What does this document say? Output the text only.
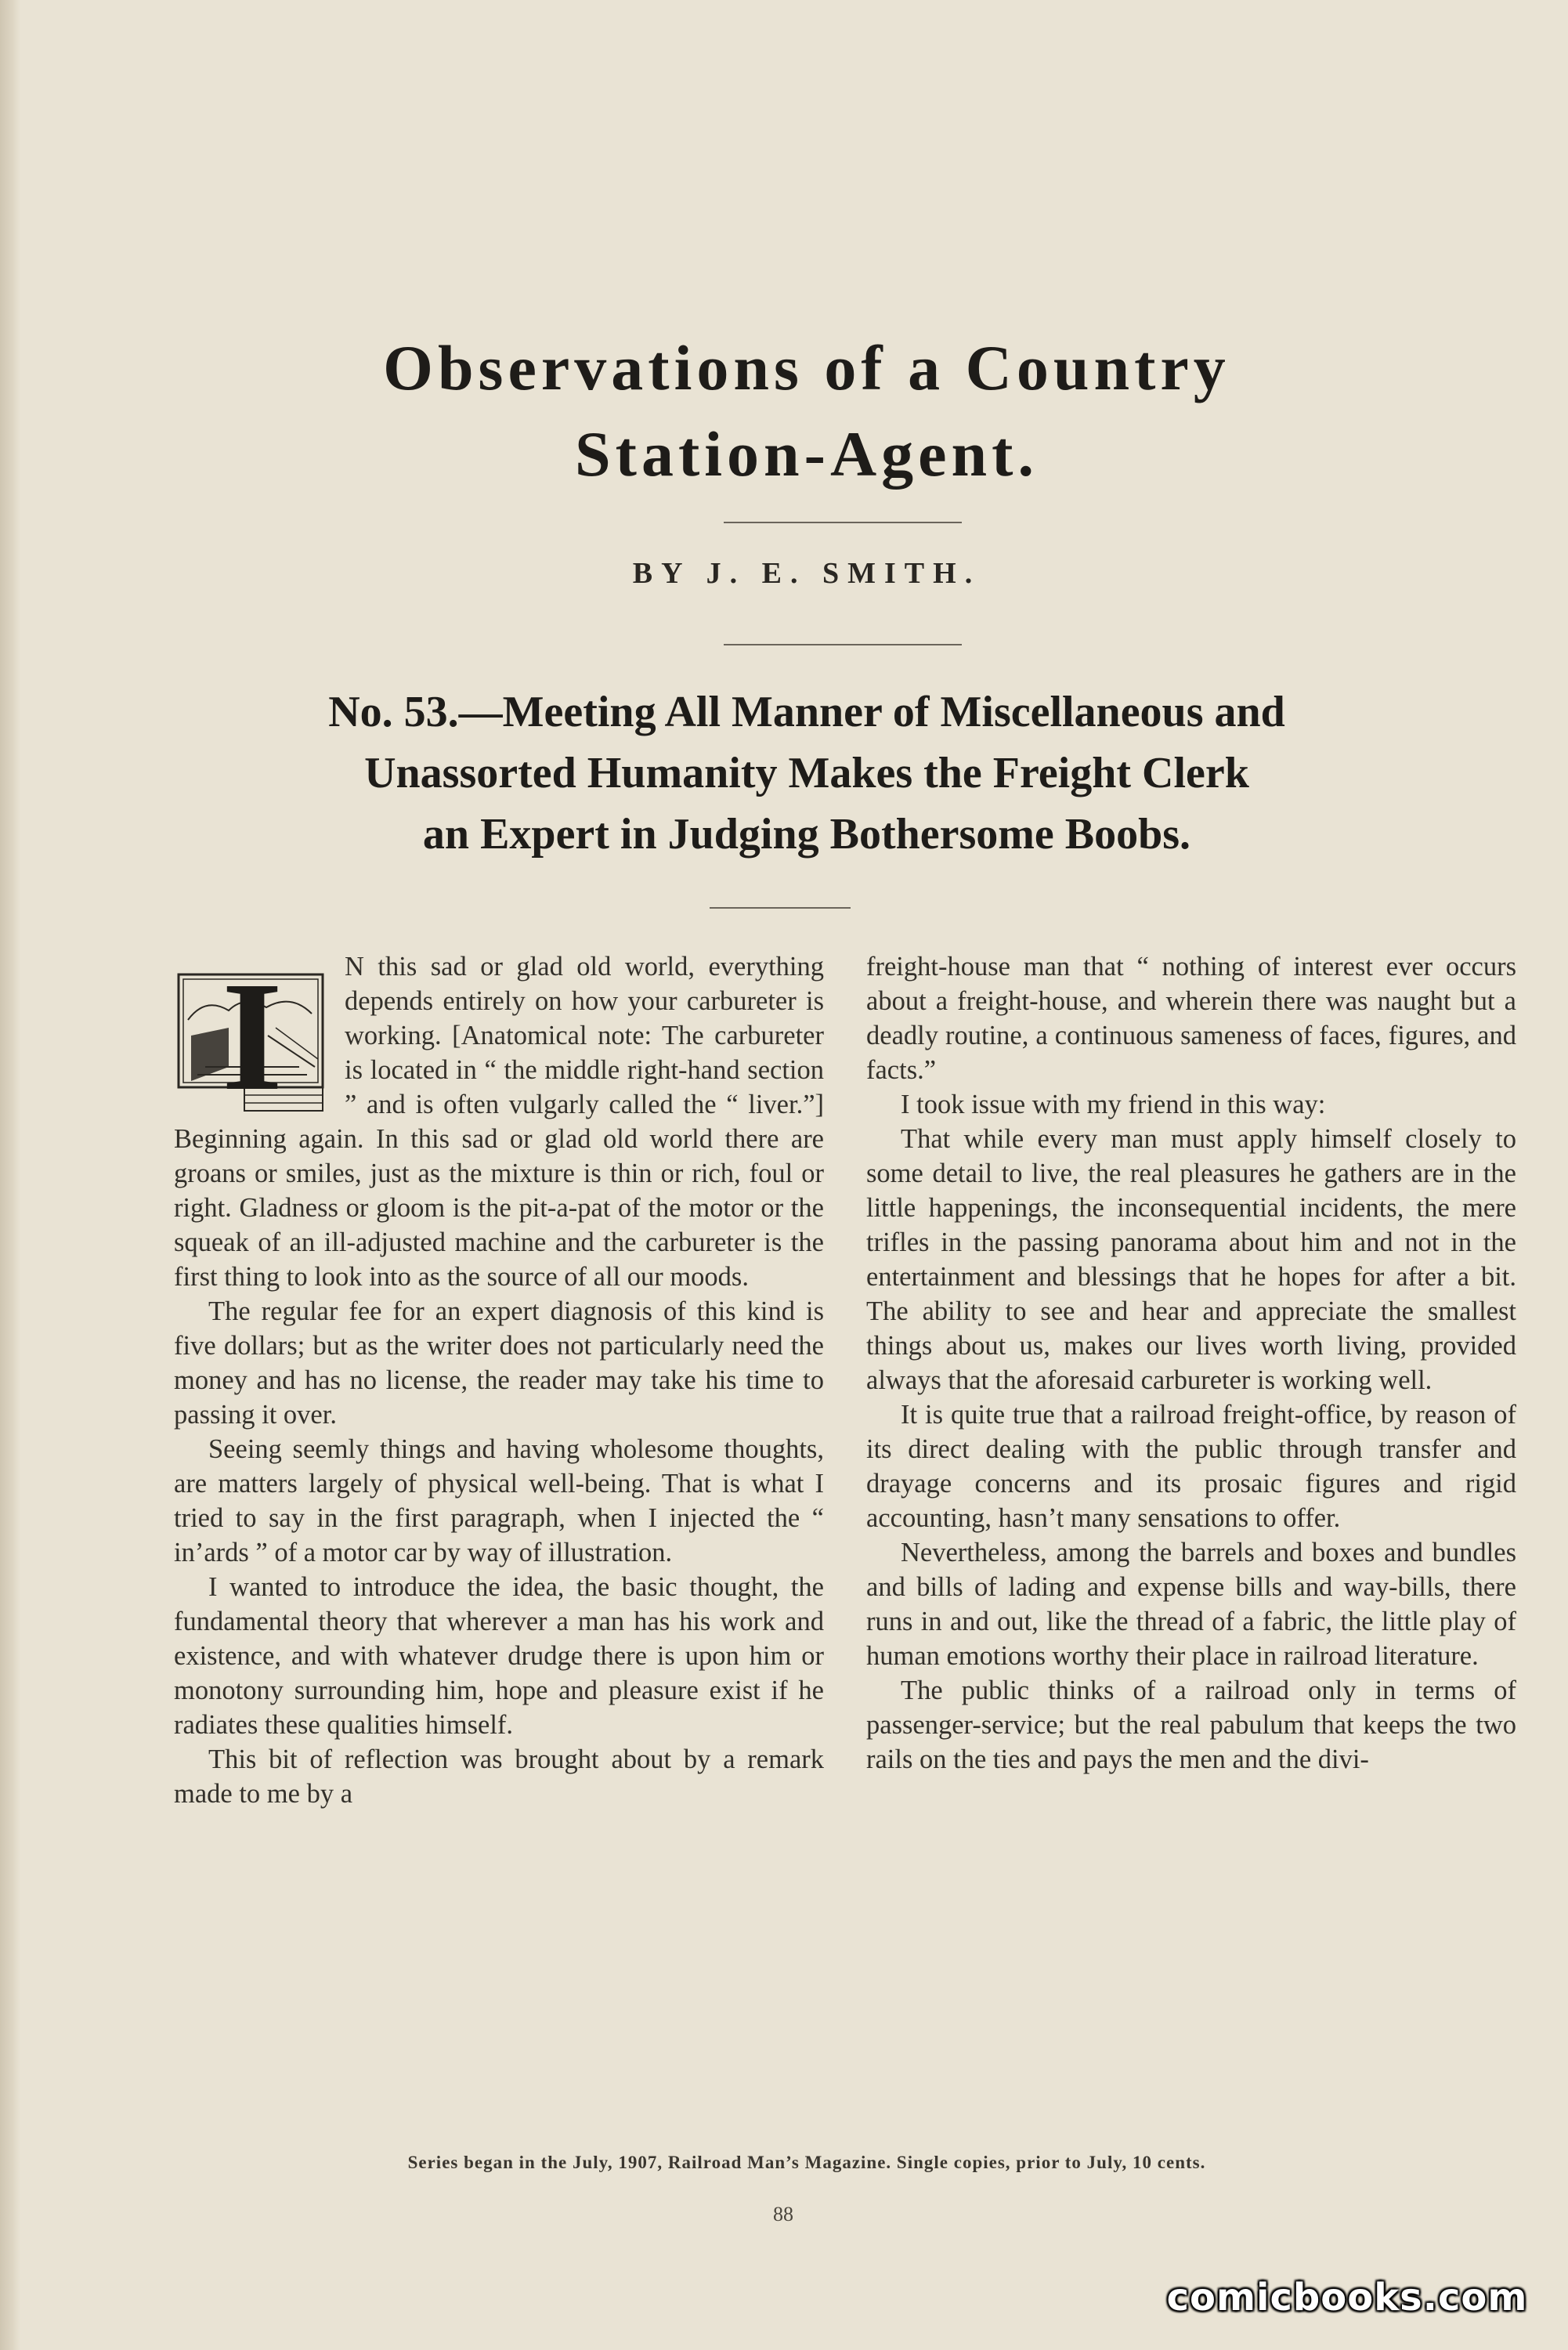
Observations of a Country
Station-Agent.
BY J. E. SMITH.
No. 53.—Meeting All Manner of Miscellaneous and
Unassorted Humanity Makes the Freight Clerk
an Expert in Judging Bothersome Boobs.

I N this sad or glad old world, everything depends entirely on how your carbureter is working. [Anatomical note: The carbureter is located in “ the middle right-hand section ” and is often vulgarly called the “ liver.”] Beginning again. In this sad or glad old world there are groans or smiles, just as the mixture is thin or rich, foul or right. Gladness or gloom is the pit-a-pat of the motor or the squeak of an ill-adjusted machine and the carbureter is the first thing to look into as the source of all our moods.

The regular fee for an expert diagnosis of this kind is five dollars; but as the writer does not particularly need the money and has no license, the reader may take his time to passing it over.

Seeing seemly things and having wholesome thoughts, are matters largely of physical well-being. That is what I tried to say in the first paragraph, when I injected the “ in’ards ” of a motor car by way of illustration.

I wanted to introduce the idea, the basic thought, the fundamental theory that wherever a man has his work and existence, and with whatever drudge there is upon him or monotony surrounding him, hope and pleasure exist if he radiates these qualities himself.

This bit of reflection was brought about by a remark made to me by a

freight-house man that “ nothing of interest ever occurs about a freight-house, and wherein there was naught but a deadly routine, a continuous sameness of faces, figures, and facts.”

I took issue with my friend in this way:

That while every man must apply himself closely to some detail to live, the real pleasures he gathers are in the little happenings, the inconsequential incidents, the mere trifles in the passing panorama about him and not in the entertainment and blessings that he hopes for after a bit. The ability to see and hear and appreciate the smallest things about us, makes our lives worth living, provided always that the aforesaid carbureter is working well.

It is quite true that a railroad freight-office, by reason of its direct dealing with the public through transfer and drayage concerns and its prosaic figures and rigid accounting, hasn’t many sensations to offer.

Nevertheless, among the barrels and boxes and bundles and bills of lading and expense bills and way-bills, there runs in and out, like the thread of a fabric, the little play of human emotions worthy their place in railroad literature.

The public thinks of a railroad only in terms of passenger-service; but the real pabulum that keeps the two rails on the ties and pays the men and the divi-

Series began in the July, 1907, Railroad Man’s Magazine. Single copies, prior to July, 10 cents.
88
comicbooks.com
